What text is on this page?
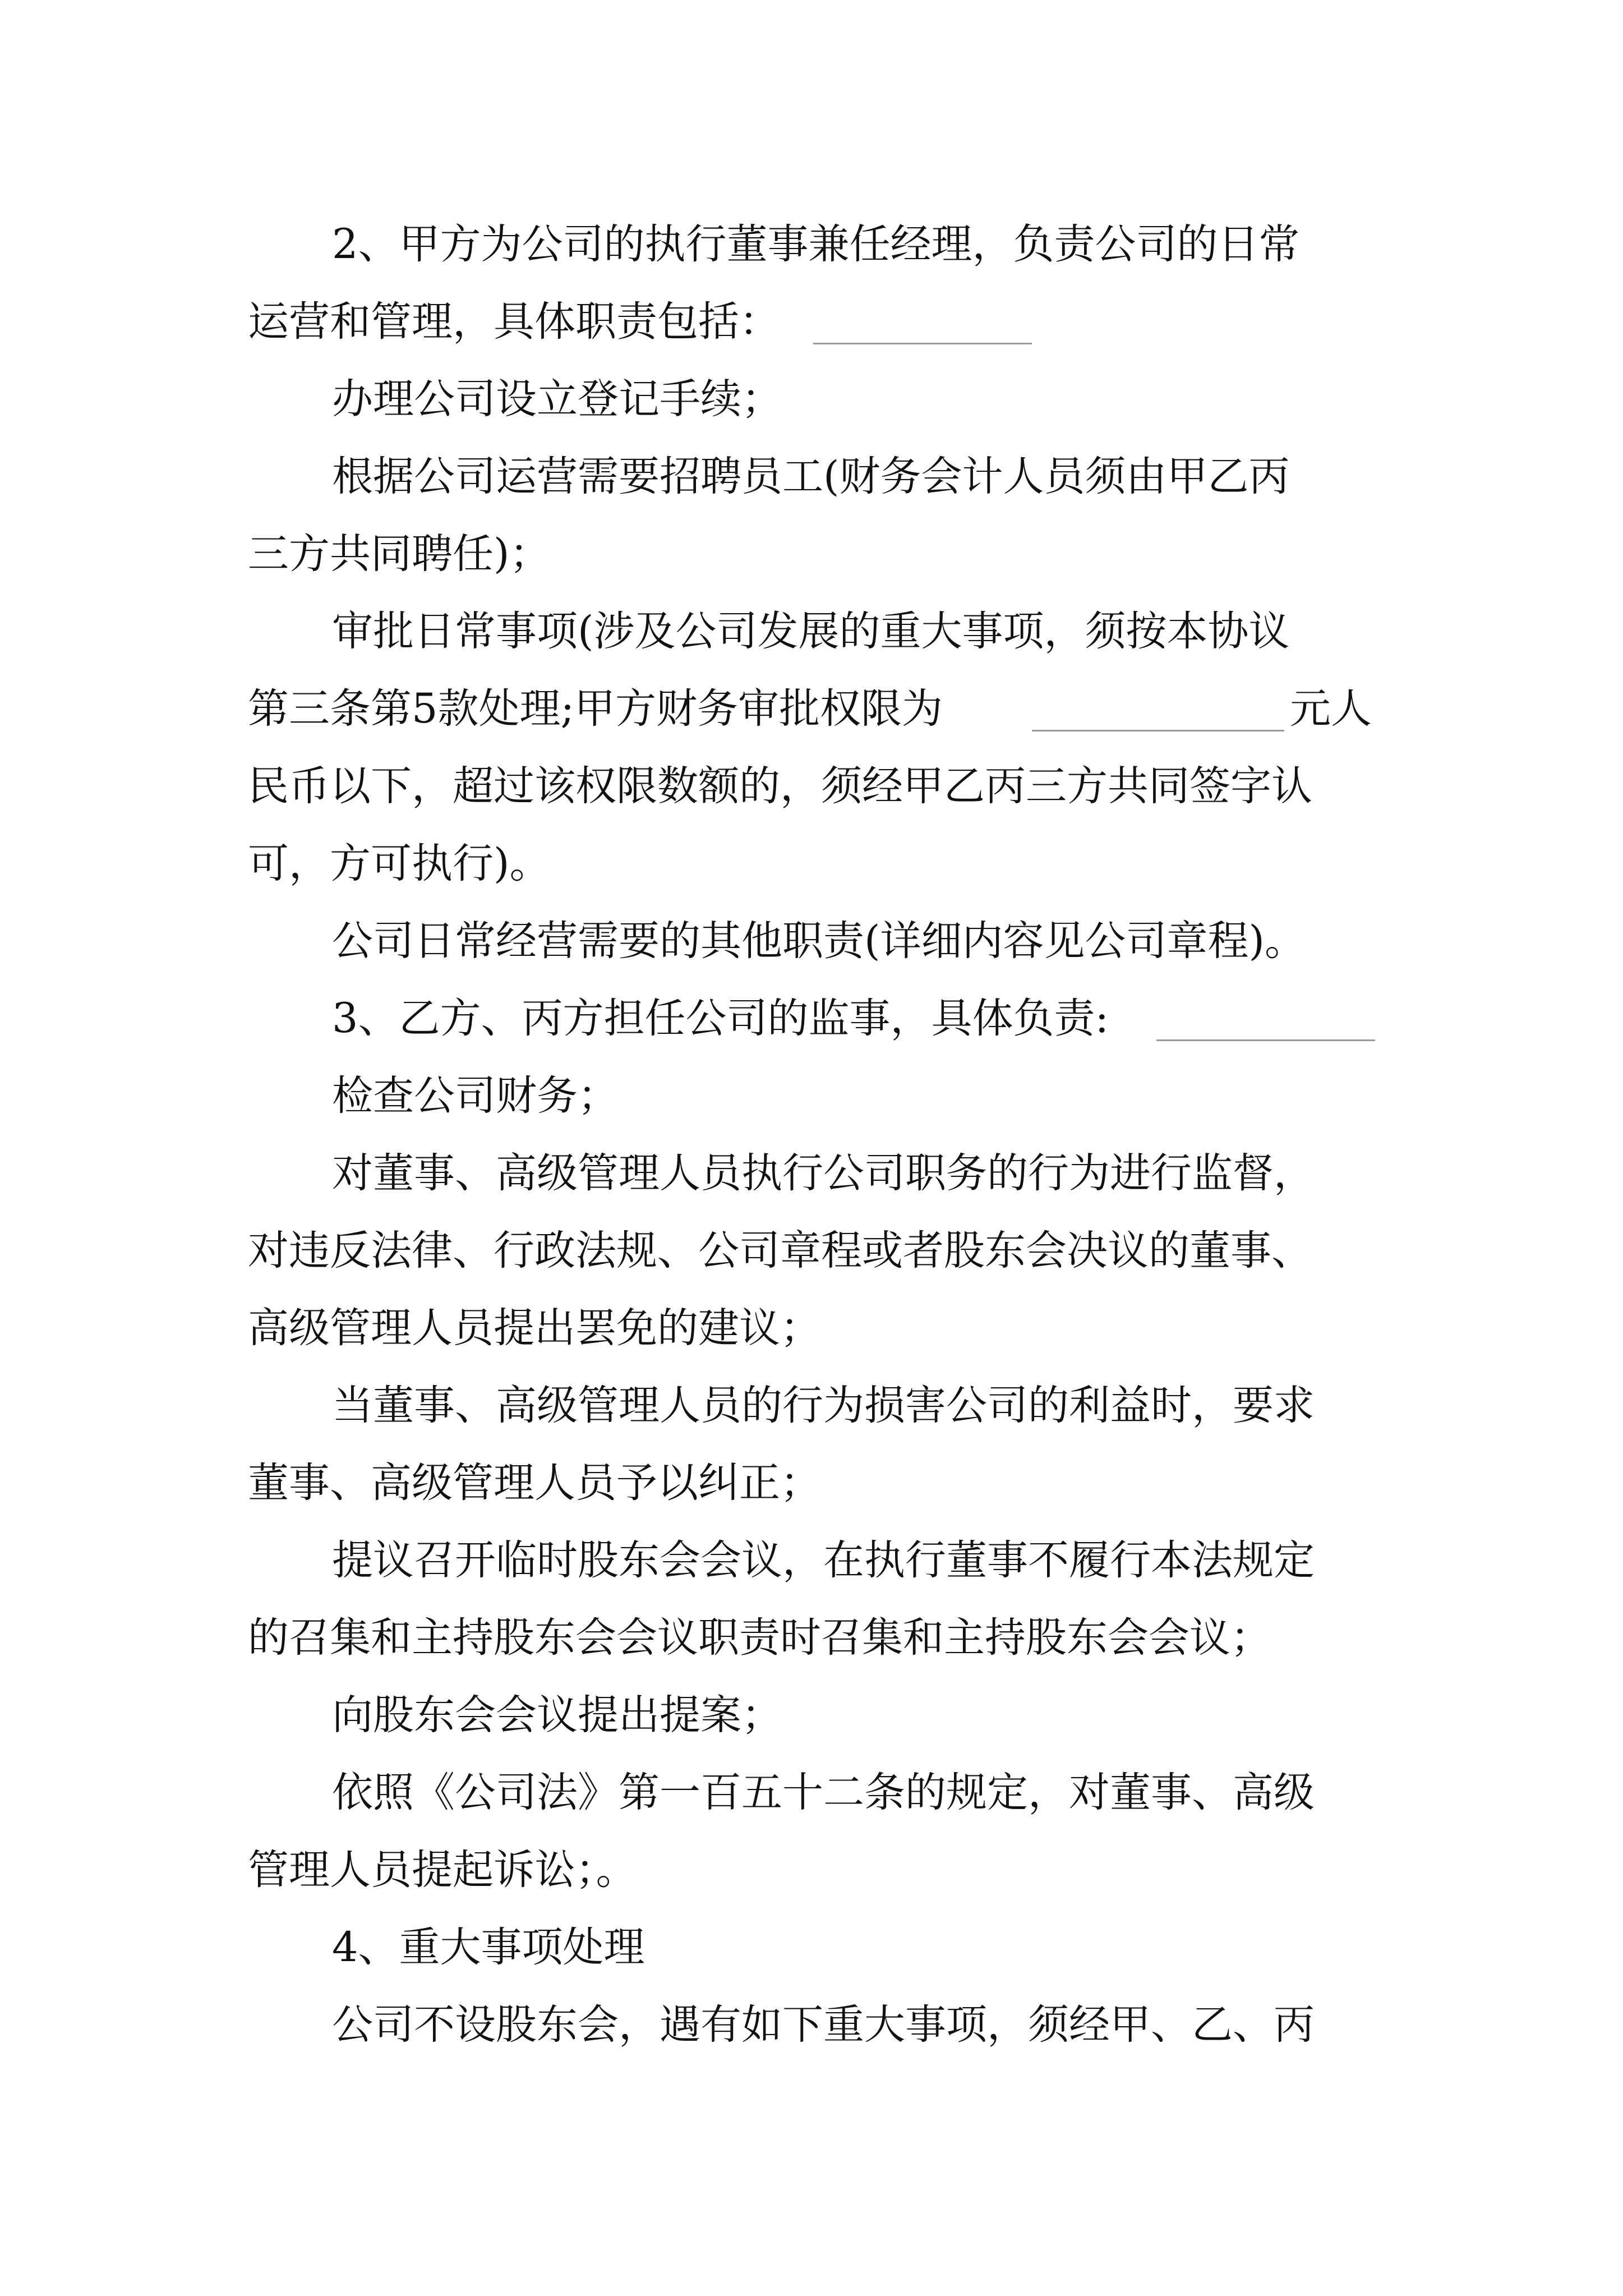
2、甲方为公司的执行董事兼任经理，负责公司的日常
运营和管理，具体职责包括：
办理公司设立登记手续；
根据公司运营需要招聘员工(财务会计人员须由甲乙丙
三方共同聘任)；
审批日常事项(涉及公司发展的重大事项，须按本协议
第三条第5款处理;甲方财务审批权限为	元人
民币以下，超过该权限数额的，须经甲乙丙三方共同签字认
可，方可执行)。
公司日常经营需要的其他职责(详细内容见公司章程)。
3、乙方、丙方担任公司的监事，具体负责:
检查公司财务；
对董事、高级管理人员执行公司职务的行为进行监督，
对违反法律、行政法规、公司章程或者股东会决议的董事、
高级管理人员提出罢免的建议；
当董事、高级管理人员的行为损害公司的利益时，要求
董事、高级管理人员予以纠正；
提议召开临时股东会会议，在执行董事不履行本法规定
的召集和主持股东会会议职责时召集和主持股东会会议；
向股东会会议提出提案；
依照《公司法》第一百五十二条的规定，对董事、高级
管理人员提起诉讼；。
4、重大事项处理
公司不设股东会，遇有如下重大事项，须经甲、乙、丙
